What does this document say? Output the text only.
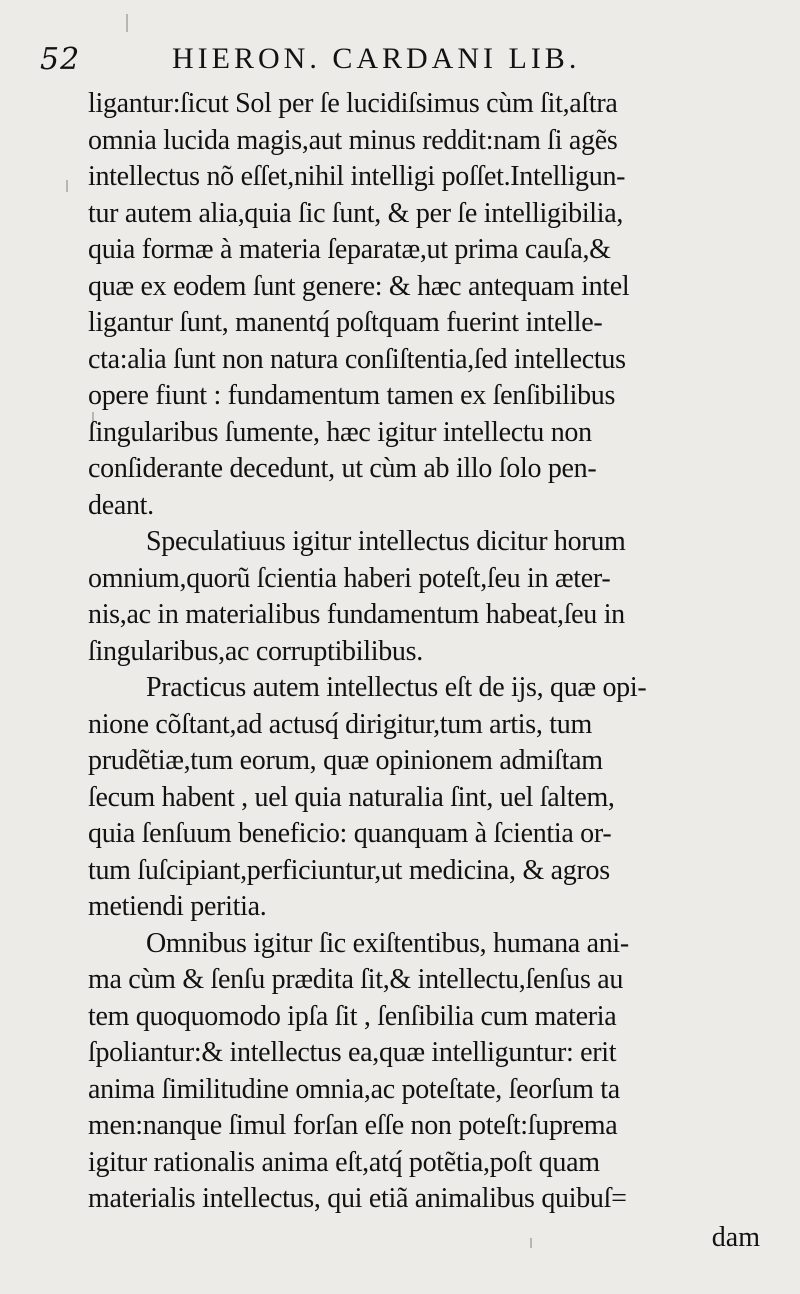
52	HIERON. CARDANI LIB.
ligantur:ſicut Sol per ſe lucidiſsimus cùm ſit,aſtra
omnia lucida magis,aut minus reddit:nam ſi agẽs
intellectus nõ eſſet,nihil intelligi poſſet.Intelligun-
tur autem alia,quia ſic ſunt, & per ſe intelligibilia,
quia formæ à materia ſeparatæ,ut prima cauſa,&
quæ ex eodem ſunt genere: & hæc antequam intel
ligantur ſunt, manentq́ poſtquam fuerint intelle-
cta:alia ſunt non natura conſiſtentia,ſed intellectus
opere fiunt : fundamentum tamen ex ſenſibilibus
ſingularibus ſumente, hæc igitur intellectu non
conſiderante decedunt, ut cùm ab illo ſolo pen-
deant.
Speculatiuus igitur intellectus dicitur horum
omnium,quorũ ſcientia haberi poteſt,ſeu in æter-
nis,ac in materialibus fundamentum habeat,ſeu in
ſingularibus,ac corruptibilibus.
Practicus autem intellectus eſt de ijs, quæ opi-
nione cõſtant,ad actusq́ dirigitur,tum artis, tum
prudẽtiæ,tum eorum, quæ opinionem admiſtam
ſecum habent , uel quia naturalia ſint, uel ſaltem,
quia ſenſuum beneficio: quanquam à ſcientia or-
tum ſuſcipiant,perficiuntur,ut medicina, & agros
metiendi peritia.
Omnibus igitur ſic exiſtentibus, humana ani-
ma cùm & ſenſu prædita ſit,& intellectu,ſenſus au
tem quoquomodo ipſa ſit , ſenſibilia cum materia
ſpoliantur:& intellectus ea,quæ intelliguntur: erit
anima ſimilitudine omnia,ac poteſtate, ſeorſum ta
men:nanque ſimul forſan eſſe non poteſt:ſuprema
igitur rationalis anima eſt,atq́ potẽtia,poſt quam
materialis intellectus, qui etiã animalibus quibuſ=
dam
